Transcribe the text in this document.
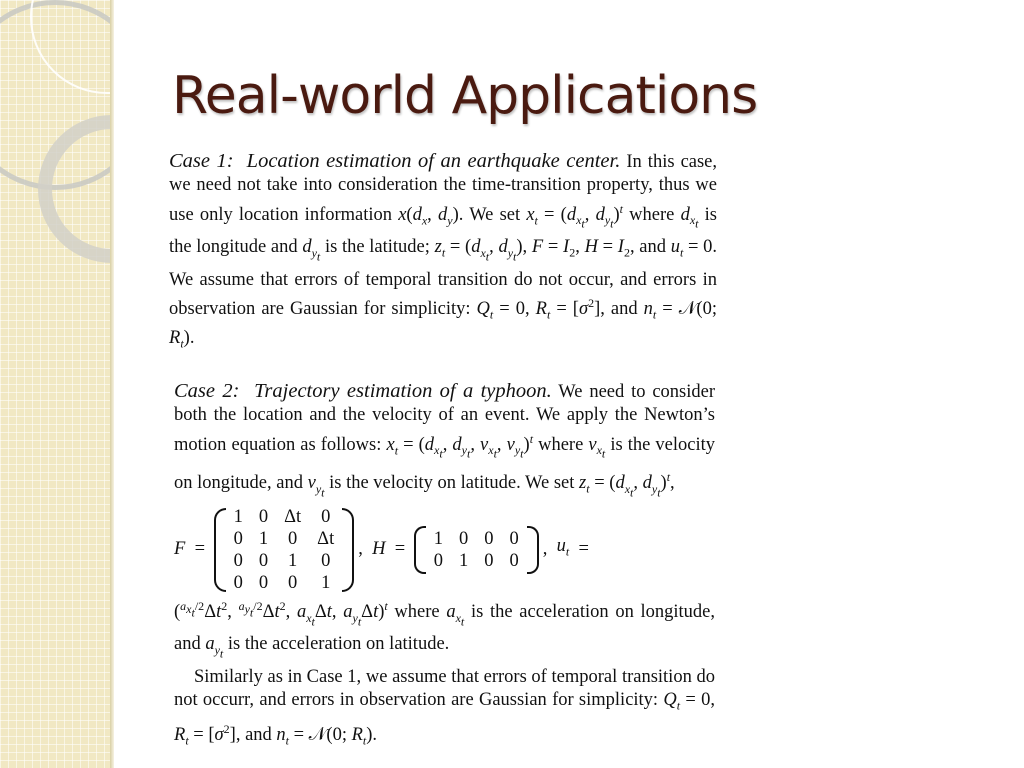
Real-world Applications

Case 1: Location estimation of an earthquake center. In this case, we need not take into consideration the time-transition property, thus we use only location information $x(d_x$, $d_y$). We set $x_t = (d_{x_t}$, $d_{y_t})^t$ where $d_{x_t}$ is the longitude and $d_{y_t}$ is the latitude; $z_t = (d_{x_t}$, $d_{y_t}$), $F = I_2$, $H = I_2$, and $u_t = 0$. We assume that errors of temporal transition do not occur, and errors in observation are Gaussian for simplicity: $Q_t = 0$, $R_t = [\sigma^2]$, and $n_t$ = 𝒩(0; $R_t$).

Case 2: Trajectory estimation of a typhoon. We need to consider both the location and the velocity of an event. We apply the Newton’s motion equation as follows: $x_t = (d_{x_t}$, $d_{y_t}$, $v_{x_t}$, $v_{y_t})^t$ where $v_{x_t}$ is the velocity on longitude, and $v_{y_t}$ is the velocity on latitude. We set $z_t = (d_{x_t}$, $d_{y_t})^t$,

F =
1	0	Δt	0
0	1	0	Δt
0	0	1	0
0	0	0	1
, H =
1	0	0	0
0	1	0	0
, $u_t$ =

($^{a_{x_t}/2}\Delta t^2$, $^{a_{y_t}/2}\Delta t^2$, $a_{x_t}\Delta t$, $a_{y_t}\Delta t)^t$ where $a_{x_t}$ is the acceleration on longitude, and $a_{y_t}$ is the acceleration on latitude.

Similarly as in Case 1, we assume that errors of temporal transition do not occurr, and errors in observation are Gaussian for simplicity: $Q_t = 0$, $R_t = [\sigma^2]$, and $n_t$ = 𝒩(0; $R_t$).
